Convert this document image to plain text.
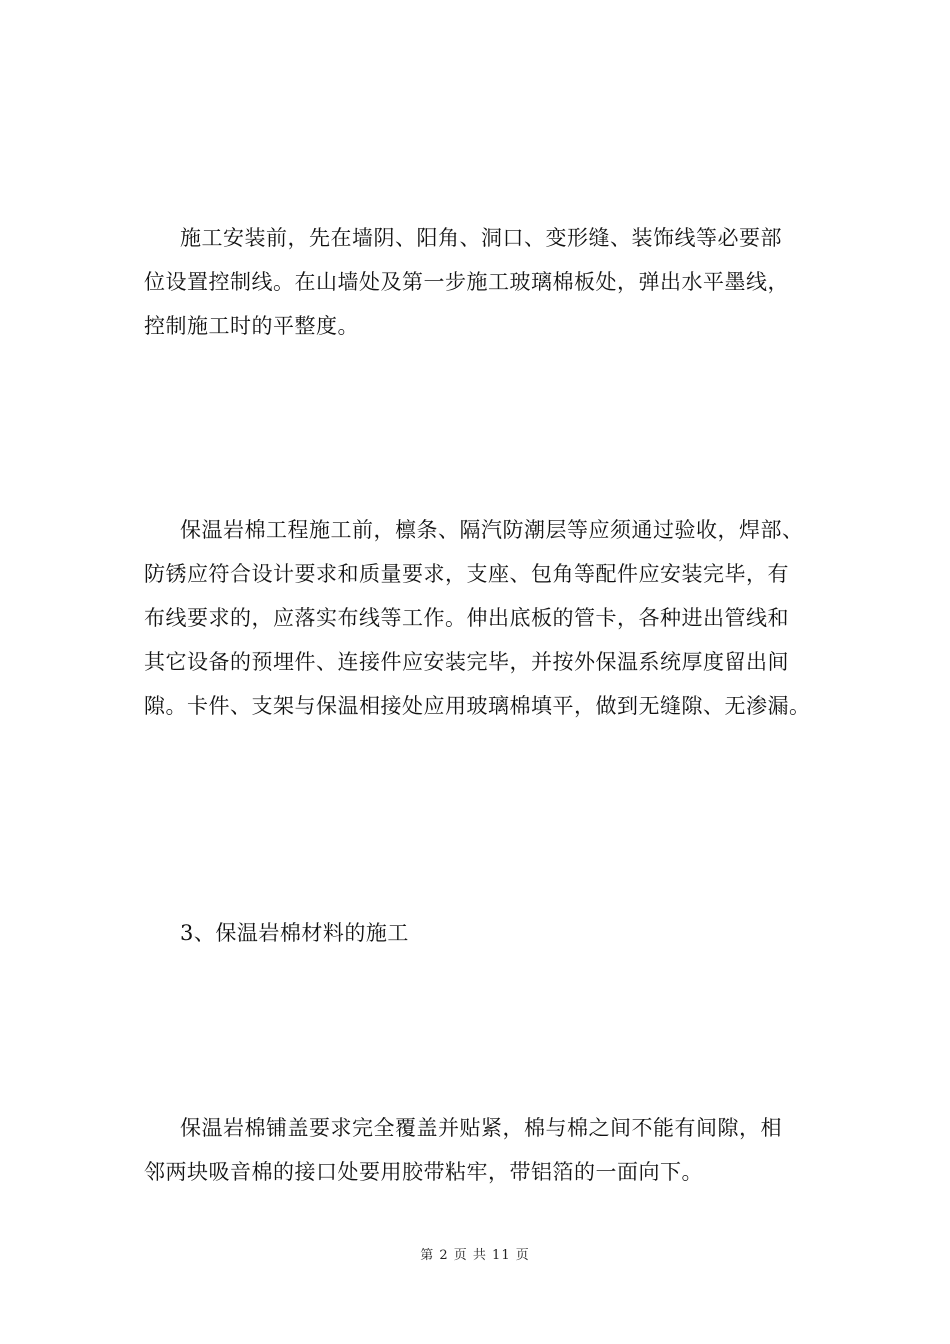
施工安装前，先在墙阴、阳角、洞口、变形缝、装饰线等必要部
位设置控制线。在山墙处及第一步施工玻璃棉板处，弹出水平墨线，
控制施工时的平整度。
保温岩棉工程施工前，檩条、隔汽防潮层等应须通过验收，焊部、
防锈应符合设计要求和质量要求，支座、包角等配件应安装完毕，有
布线要求的，应落实布线等工作。伸出底板的管卡，各种进出管线和
其它设备的预埋件、连接件应安装完毕，并按外保温系统厚度留出间
隙。卡件、支架与保温相接处应用玻璃棉填平，做到无缝隙、无渗漏。
3、保温岩棉材料的施工
保温岩棉铺盖要求完全覆盖并贴紧，棉与棉之间不能有间隙，相
邻两块吸音棉的接口处要用胶带粘牢，带铝箔的一面向下。
第 2 页 共 11 页
